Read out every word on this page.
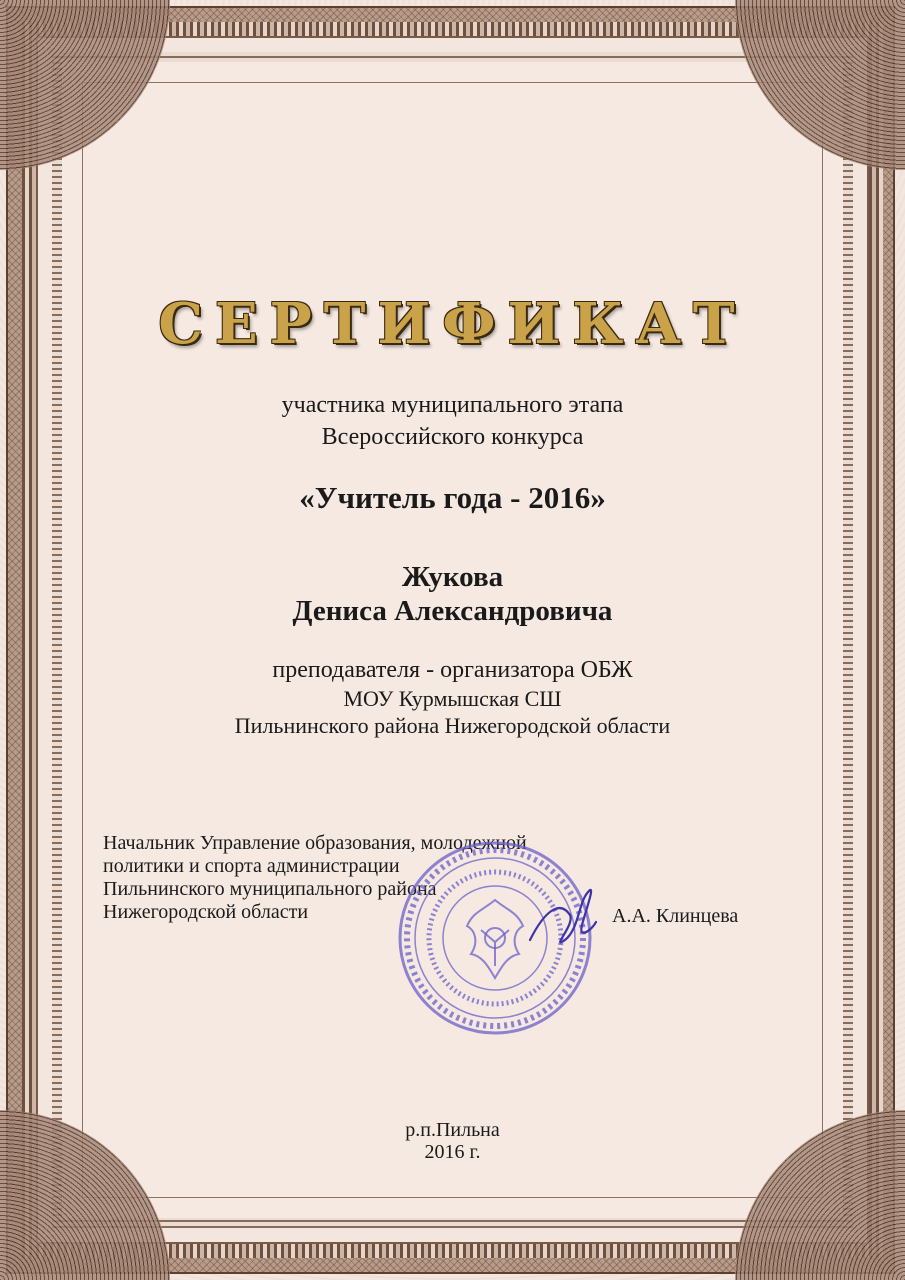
СЕРТИФИКАТ
участника муниципального этапа
Всероссийского конкурса
«Учитель года - 2016»
Жукова
Дениса Александровича
преподавателя - организатора ОБЖ
МОУ Курмышская СШ
Пильнинского района Нижегородской области
Начальник Управление образования, молодежной
политики и спорта администрации
Пильнинского муниципального района
Нижегородской области	А.А. Клинцева
р.п.Пильна
2016 г.
